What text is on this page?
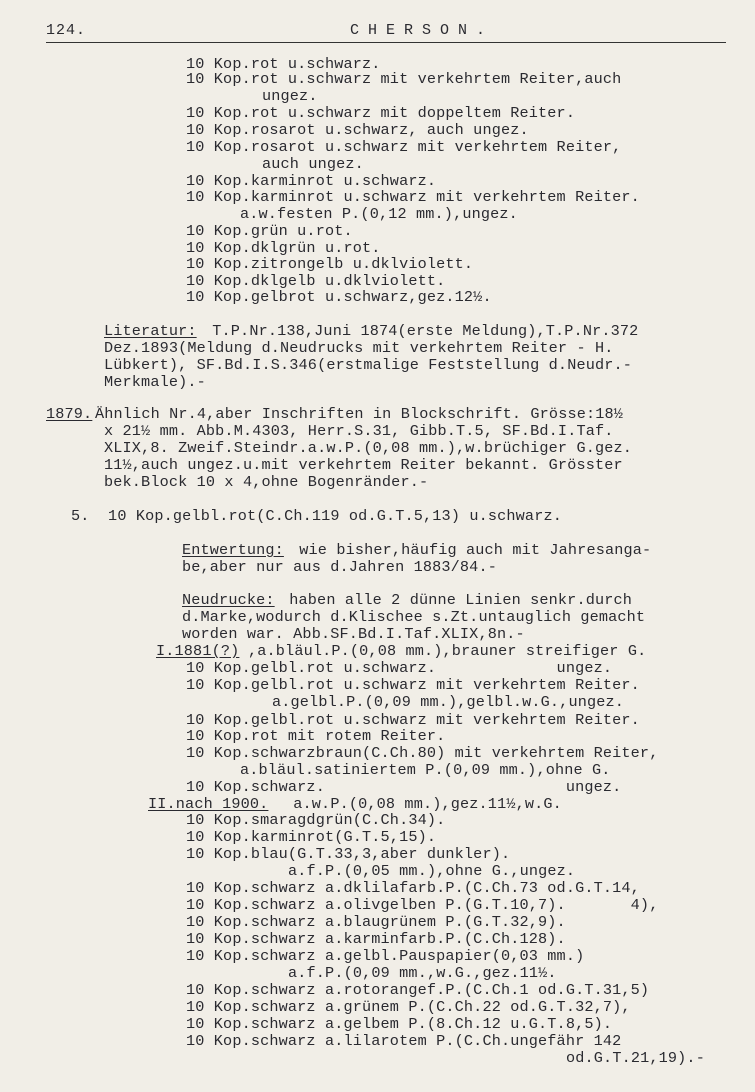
124.	CHERSON.
10 Kop.rot u.schwarz.
10 Kop.rot u.schwarz mit verkehrtem Reiter,auch
ungez.
10 Kop.rot u.schwarz mit doppeltem Reiter.
10 Kop.rosarot u.schwarz, auch ungez.
10 Kop.rosarot u.schwarz mit verkehrtem Reiter,
auch ungez.
10 Kop.karminrot u.schwarz.
10 Kop.karminrot u.schwarz mit verkehrtem Reiter.
a.w.festen P.(0,12 mm.),ungez.
10 Kop.grün u.rot.
10 Kop.dklgrün u.rot.
10 Kop.zitrongelb u.dklviolett.
10 Kop.dklgelb u.dklviolett.
10 Kop.gelbrot u.schwarz,gez.12½.
Literatur: T.P.Nr.138,Juni 1874(erste Meldung),T.P.Nr.372
Dez.1893(Meldung d.Neudrucks mit verkehrtem Reiter - H.
Lübkert), SF.Bd.I.S.346(erstmalige Feststellung d.Neudr.-
Merkmale).-
1879. Ähnlich Nr.4,aber Inschriften in Blockschrift. Grösse:18½
x 21½ mm. Abb.M.4303, Herr.S.31, Gibb.T.5, SF.Bd.I.Taf.
XLIX,8. Zweif.Steindr.a.w.P.(0,08 mm.),w.brüchiger G.gez.
11½,auch ungez.u.mit verkehrtem Reiter bekannt. Grösster
bek.Block 10 x 4,ohne Bogenränder.-
5.  10 Kop.gelbl.rot(C.Ch.119 od.G.T.5,13) u.schwarz.
Entwertung: wie bisher,häufig auch mit Jahresanga-
be,aber nur aus d.Jahren 1883/84.-
Neudrucke: haben alle 2 dünne Linien senkr.durch
d.Marke,wodurch d.Klischee s.Zt.untauglich gemacht
worden war. Abb.SF.Bd.I.Taf.XLIX,8n.-
I.1881(?) ,a.bläul.P.(0,08 mm.),brauner streifiger G.
10 Kop.gelbl.rot u.schwarz.             ungez.
10 Kop.gelbl.rot u.schwarz mit verkehrtem Reiter.
a.gelbl.P.(0,09 mm.),gelbl.w.G.,ungez.
10 Kop.gelbl.rot u.schwarz mit verkehrtem Reiter.
10 Kop.rot mit rotem Reiter.
10 Kop.schwarzbraun(C.Ch.80) mit verkehrtem Reiter,
a.bläul.satiniertem P.(0,09 mm.),ohne G.
10 Kop.schwarz.                          ungez.
II.nach 1900. a.w.P.(0,08 mm.),gez.11½,w.G.
10 Kop.smaragdgrün(C.Ch.34).
10 Kop.karminrot(G.T.5,15).
10 Kop.blau(G.T.33,3,aber dunkler).
a.f.P.(0,05 mm.),ohne G.,ungez.
10 Kop.schwarz a.dklilafarb.P.(C.Ch.73 od.G.T.14,
10 Kop.schwarz a.olivgelben P.(G.T.10,7).       4),
10 Kop.schwarz a.blaugrünem P.(G.T.32,9).
10 Kop.schwarz a.karminfarb.P.(C.Ch.128).
10 Kop.schwarz a.gelbl.Pauspapier(0,03 mm.)
a.f.P.(0,09 mm.,w.G.,gez.11½.
10 Kop.schwarz a.rotorangef.P.(C.Ch.1 od.G.T.31,5)
10 Kop.schwarz a.grünem P.(C.Ch.22 od.G.T.32,7),
10 Kop.schwarz a.gelbem P.(8.Ch.12 u.G.T.8,5).
10 Kop.schwarz a.lilarotem P.(C.Ch.ungefähr 142
od.G.T.21,19).-
